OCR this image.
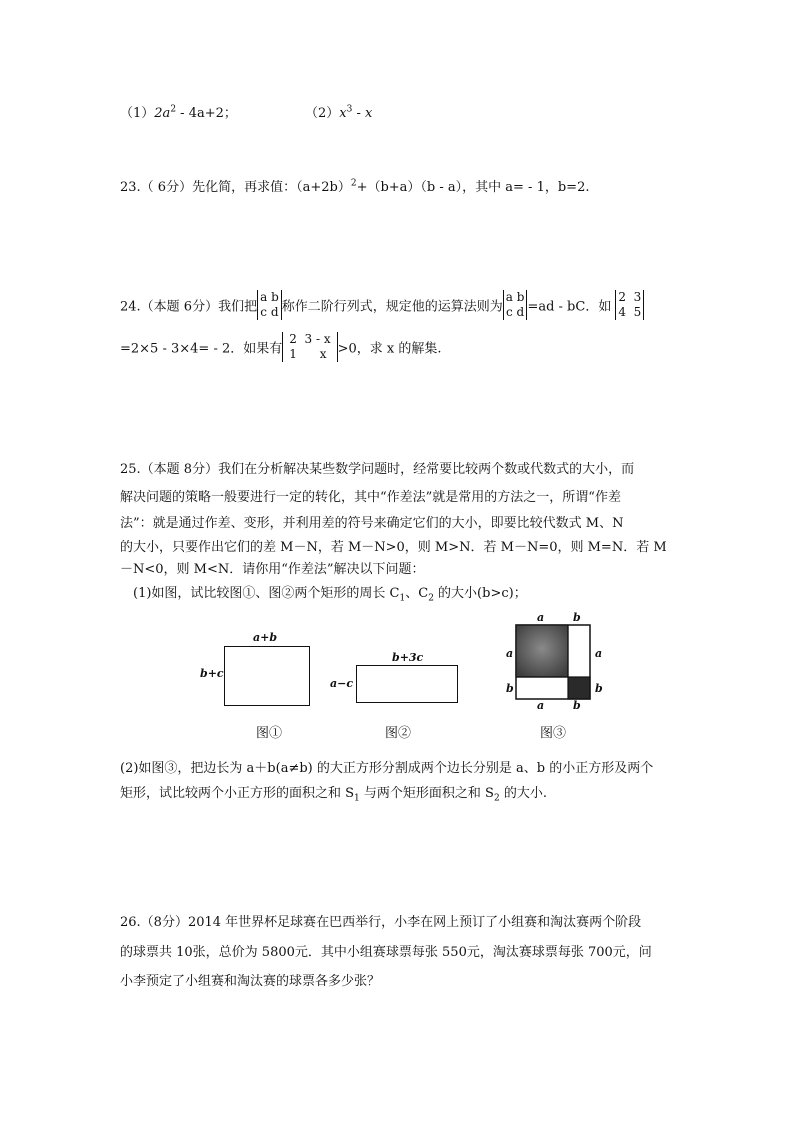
$(1)2a^2 - 4a+2$；	$(2)x^3$ - x
23.（ 6分）先化简，再求值：$(a+2b)^2+(b+a)(b - a)$，其中 a= - 1，b=2.
24.（本题 6分）我们把a b
c d 称作二阶行列式，规定他的运算法则为a b
c d =ad - bC．如2 3
4 5
=2×5 - 3×4= - 2．如果有2 3 - x
1 x >0，求 x 的解集.
25.（本题 8分）我们在分析解决某些数学问题时，经常要比较两个数或代数式的大小，而
解决问题的策略一般要进行一定的转化，其中“作差法”就是常用的方法之一，所谓“作差
法”：就是通过作差、变形，并利用差的符号来确定它们的大小，即要比较代数式 M、N
的大小，只要作出它们的差 M－N，若 M－N>0，则 M>N．若 M－N=0，则 M=N．若 M
－N<0，则 M<N．请你用“作差法”解决以下问题：
(1)如图，试比较图①、图②两个矩形的周长 $C_1$、$C_2$ 的大小(b>c)；
a+b
b+c
图①
b+3c
a−c
图②
a	b
a
b
a
b
a	b
图③
(2)如图③，把边长为 a＋b(a≠b) 的大正方形分割成两个边长分别是 a、b 的小正方形及两个
矩形，试比较两个小正方形的面积之和 $S_1$ 与两个矩形面积之和 $S_2$ 的大小.
26.（8分）2014 年世界杯足球赛在巴西举行，小李在网上预订了小组赛和淘汰赛两个阶段
的球票共 10张，总价为 5800元．其中小组赛球票每张 550元，淘汰赛球票每张 700元，问
小李预定了小组赛和淘汰赛的球票各多少张？
